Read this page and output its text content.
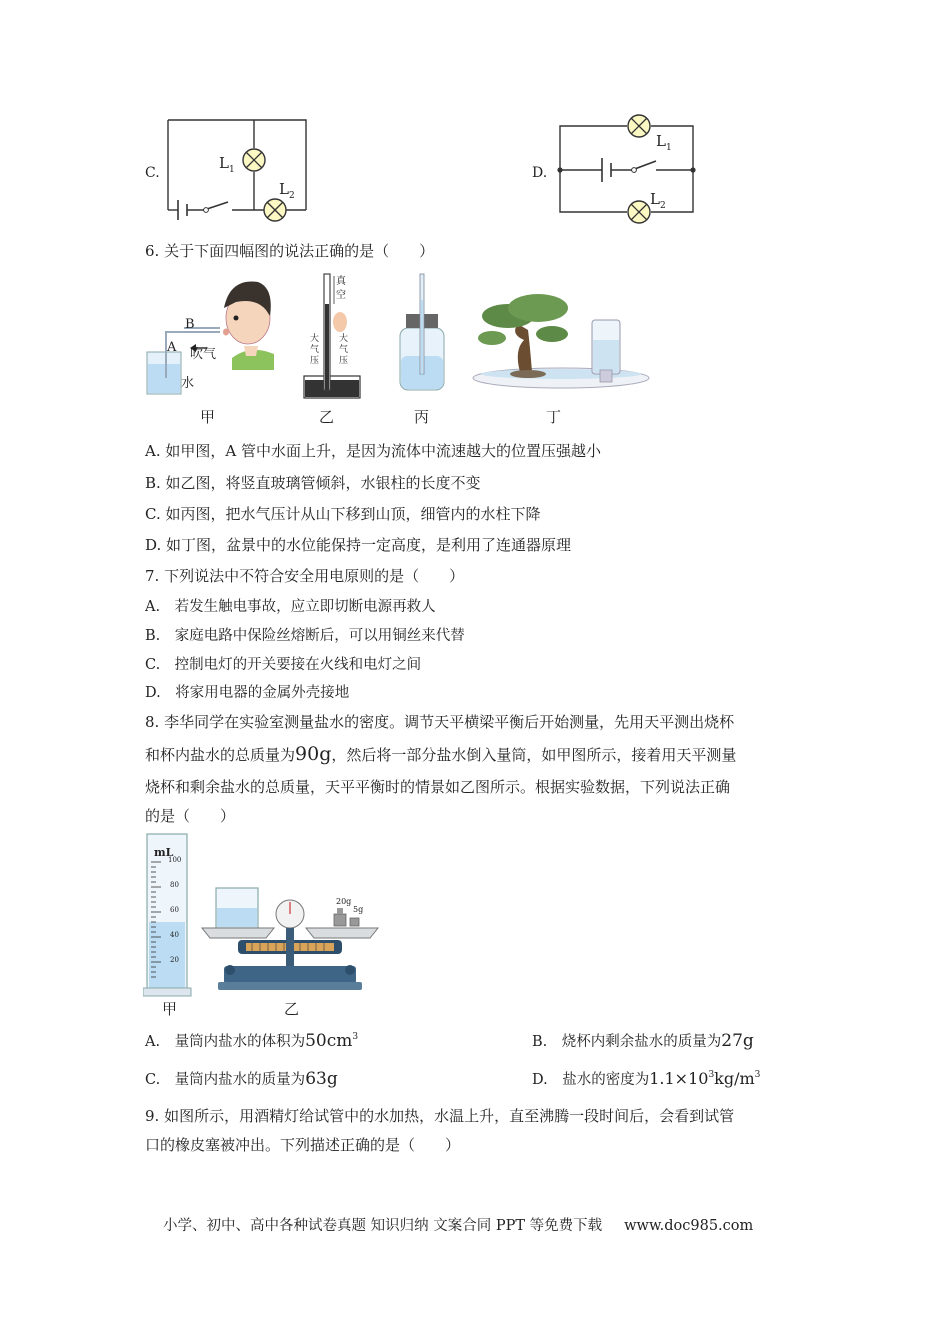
C.
$L_1$
$L_2$
D.
$L_1$
$L_2$
6. 关于下面四幅图的说法正确的是（　　）
B
A 吹气
水
真
空
大气压
大气压
甲	乙	丙	丁
A. 如甲图，A 管中水面上升，是因为流体中流速越大的位置压强越小
B. 如乙图，将竖直玻璃管倾斜，水银柱的长度不变
C. 如丙图，把水气压计从山下移到山顶，细管内的水柱下降
D. 如丁图，盆景中的水位能保持一定高度，是利用了连通器原理
7. 下列说法中不符合安全用电原则的是（　　）
A.　若发生触电事故，应立即切断电源再救人
B.　家庭电路中保险丝熔断后，可以用铜丝来代替
C.　控制电灯的开关要接在火线和电灯之间
D.　将家用电器的金属外壳接地
8. 李华同学在实验室测量盐水的密度。调节天平横梁平衡后开始测量，先用天平测出烧杯
和杯内盐水的总质量为90g，然后将一部分盐水倒入量筒，如甲图所示，接着用天平测量
烧杯和剩余盐水的总质量，天平平衡时的情景如乙图所示。根据实验数据，下列说法正确
的是（　　）
mL
100
80
60
40
20
20g
5g
甲	乙
A.　量筒内盐水的体积为$50cm^3$	B.　烧杯内剩余盐水的质量为27g
C.　量筒内盐水的质量为63g	D.　盐水的密度为$1.1\times 10^3kg/m^3$
9. 如图所示，用酒精灯给试管中的水加热，水温上升，直至沸腾一段时间后，会看到试管
口的橡皮塞被冲出。下列描述正确的是（　　）
小学、初中、高中各种试卷真题 知识归纳 文案合同 PPT 等免费下载 www.doc985.com
